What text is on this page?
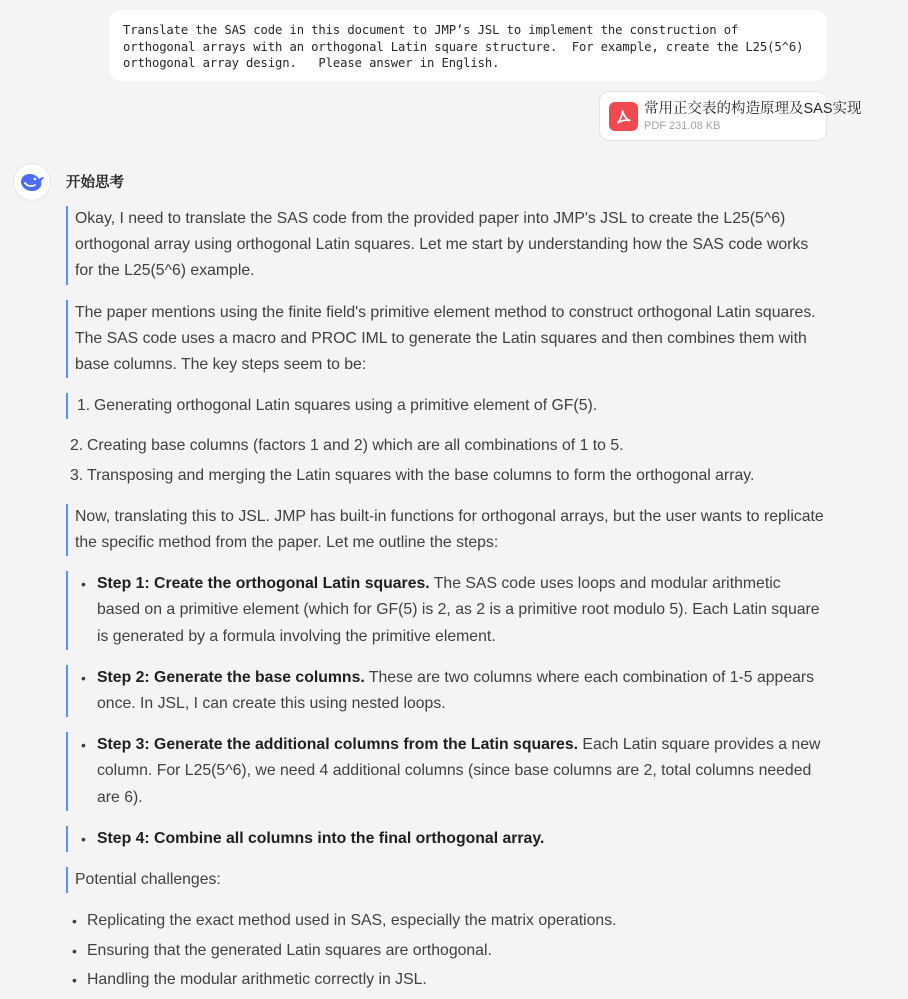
Translate the SAS code in this document to JMP’s JSL to implement the construction of
orthogonal arrays with an orthogonal Latin square structure.  For example, create the L25(5^6)
orthogonal array design.   Please answer in English.
常用正交表的构造原理及SAS实现
PDF 231.08 KB
开始思考
Okay, I need to translate the SAS code from the provided paper into JMP's JSL to create the L25(5^6) orthogonal array using orthogonal Latin squares. Let me start by understanding how the SAS code works for the L25(5^6) example.
The paper mentions using the finite field's primitive element method to construct orthogonal Latin squares. The SAS code uses a macro and PROC IML to generate the Latin squares and then combines them with base columns. The key steps seem to be:
1. Generating orthogonal Latin squares using a primitive element of GF(5).
2. Creating base columns (factors 1 and 2) which are all combinations of 1 to 5.
3. Transposing and merging the Latin squares with the base columns to form the orthogonal array.
Now, translating this to JSL. JMP has built-in functions for orthogonal arrays, but the user wants to replicate the specific method from the paper. Let me outline the steps:
• Step 1: Create the orthogonal Latin squares. The SAS code uses loops and modular arithmetic based on a primitive element (which for GF(5) is 2, as 2 is a primitive root modulo 5). Each Latin square is generated by a formula involving the primitive element.
• Step 2: Generate the base columns. These are two columns where each combination of 1-5 appears once. In JSL, I can create this using nested loops.
• Step 3: Generate the additional columns from the Latin squares. Each Latin square provides a new column. For L25(5^6), we need 4 additional columns (since base columns are 2, total columns needed are 6).
• Step 4: Combine all columns into the final orthogonal array.
Potential challenges:
• Replicating the exact method used in SAS, especially the matrix operations.
• Ensuring that the generated Latin squares are orthogonal.
• Handling the modular arithmetic correctly in JSL.
